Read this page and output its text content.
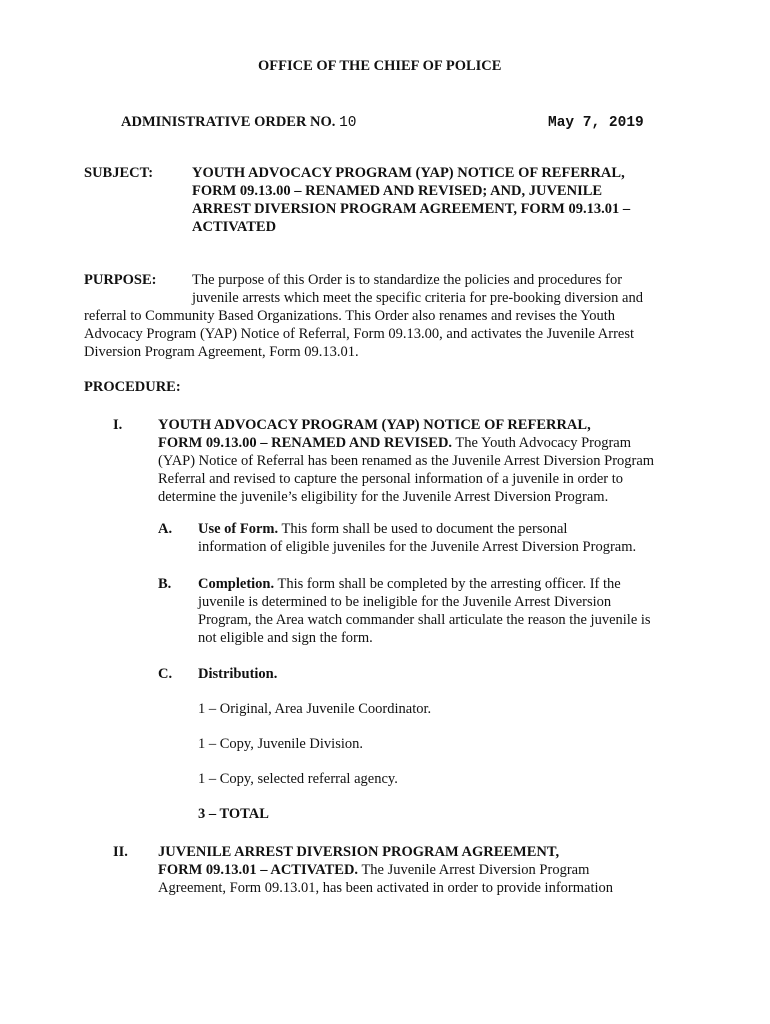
OFFICE OF THE CHIEF OF POLICE
ADMINISTRATIVE ORDER NO. 10	May 7, 2019
SUBJECT:	YOUTH ADVOCACY PROGRAM (YAP) NOTICE OF REFERRAL,
FORM 09.13.00 – RENAMED AND REVISED; AND, JUVENILE
ARREST DIVERSION PROGRAM AGREEMENT, FORM 09.13.01 –
ACTIVATED
PURPOSE: The purpose of this Order is to standardize the policies and procedures for
juvenile arrests which meet the specific criteria for pre-booking diversion and
referral to Community Based Organizations. This Order also renames and revises the Youth
Advocacy Program (YAP) Notice of Referral, Form 09.13.00, and activates the Juvenile Arrest
Diversion Program Agreement, Form 09.13.01.
PROCEDURE:
I. YOUTH ADVOCACY PROGRAM (YAP) NOTICE OF REFERRAL,
FORM 09.13.00 – RENAMED AND REVISED. The Youth Advocacy Program
(YAP) Notice of Referral has been renamed as the Juvenile Arrest Diversion Program
Referral and revised to capture the personal information of a juvenile in order to
determine the juvenile’s eligibility for the Juvenile Arrest Diversion Program.
A. Use of Form. This form shall be used to document the personal
information of eligible juveniles for the Juvenile Arrest Diversion Program.
B. Completion. This form shall be completed by the arresting officer. If the
juvenile is determined to be ineligible for the Juvenile Arrest Diversion
Program, the Area watch commander shall articulate the reason the juvenile is
not eligible and sign the form.
C. Distribution.
1 – Original, Area Juvenile Coordinator.
1 – Copy, Juvenile Division.
1 – Copy, selected referral agency.
3 – TOTAL
II. JUVENILE ARREST DIVERSION PROGRAM AGREEMENT,
FORM 09.13.01 – ACTIVATED. The Juvenile Arrest Diversion Program
Agreement, Form 09.13.01, has been activated in order to provide information
